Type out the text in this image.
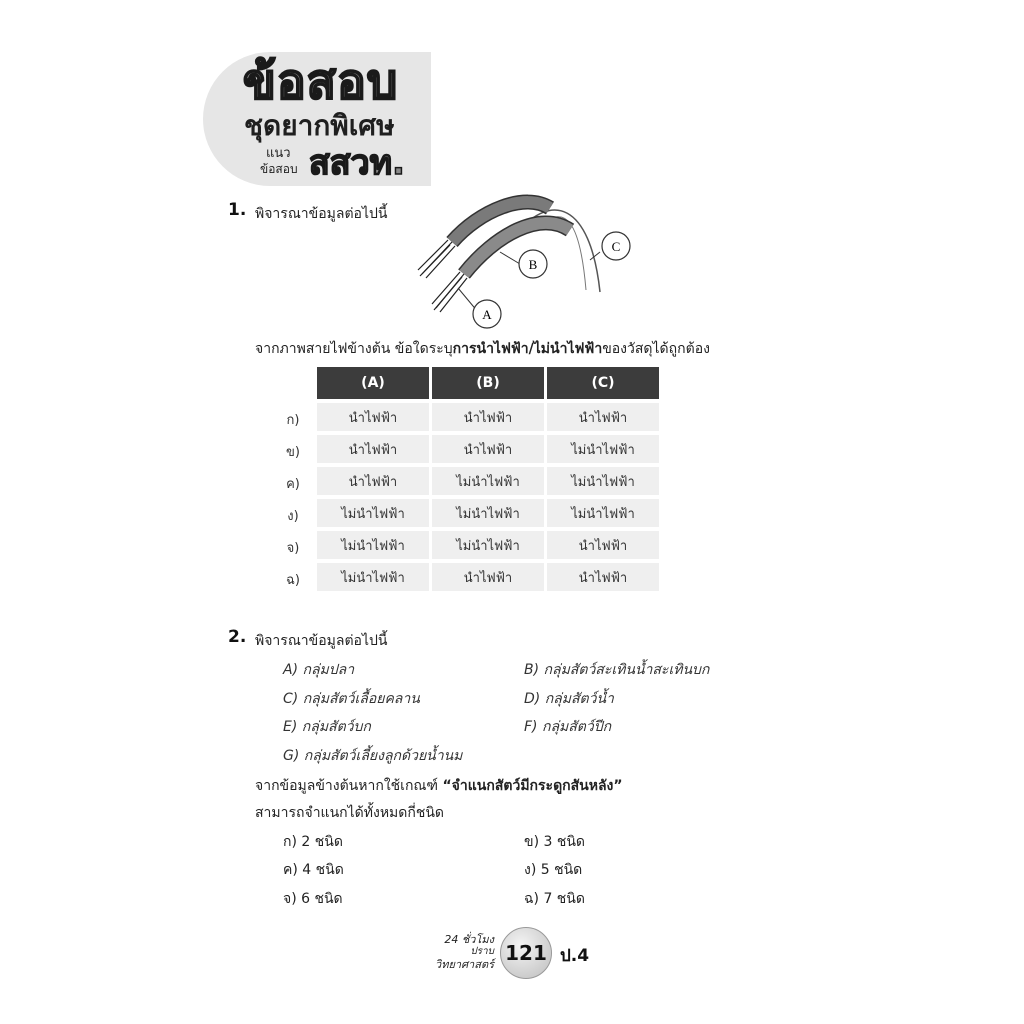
ข้อสอบ
ชุดยากพิเศษ
แนว
ข้อสอบ สสวท.
1. พิจารณาข้อมูลต่อไปนี้
A
B
C
จากภาพสายไฟข้างต้น ข้อใดระบุการนำไฟฟ้า/ไม่นำไฟฟ้าของวัสดุได้ถูกต้อง
(A)	(B)	(C)
ก)	นำไฟฟ้า	นำไฟฟ้า	นำไฟฟ้า
ข)	นำไฟฟ้า	นำไฟฟ้า	ไม่นำไฟฟ้า
ค)	นำไฟฟ้า	ไม่นำไฟฟ้า	ไม่นำไฟฟ้า
ง)	ไม่นำไฟฟ้า	ไม่นำไฟฟ้า	ไม่นำไฟฟ้า
จ)	ไม่นำไฟฟ้า	ไม่นำไฟฟ้า	นำไฟฟ้า
ฉ)	ไม่นำไฟฟ้า	นำไฟฟ้า	นำไฟฟ้า
2. พิจารณาข้อมูลต่อไปนี้
A) กลุ่มปลา	B) กลุ่มสัตว์สะเทินน้ำสะเทินบก
C) กลุ่มสัตว์เลื้อยคลาน	D) กลุ่มสัตว์น้ำ
E) กลุ่มสัตว์บก	F) กลุ่มสัตว์ปีก
G) กลุ่มสัตว์เลี้ยงลูกด้วยน้ำนม
จากข้อมูลข้างต้นหากใช้เกณฑ์ “จำแนกสัตว์มีกระดูกสันหลัง”
สามารถจำแนกได้ทั้งหมดกี่ชนิด
ก) 2 ชนิด	ข) 3 ชนิด
ค) 4 ชนิด	ง) 5 ชนิด
จ) 6 ชนิด	ฉ) 7 ชนิด
24 ชั่วโมง
ปราบ
วิทยาศาสตร์ 121 ป.4
